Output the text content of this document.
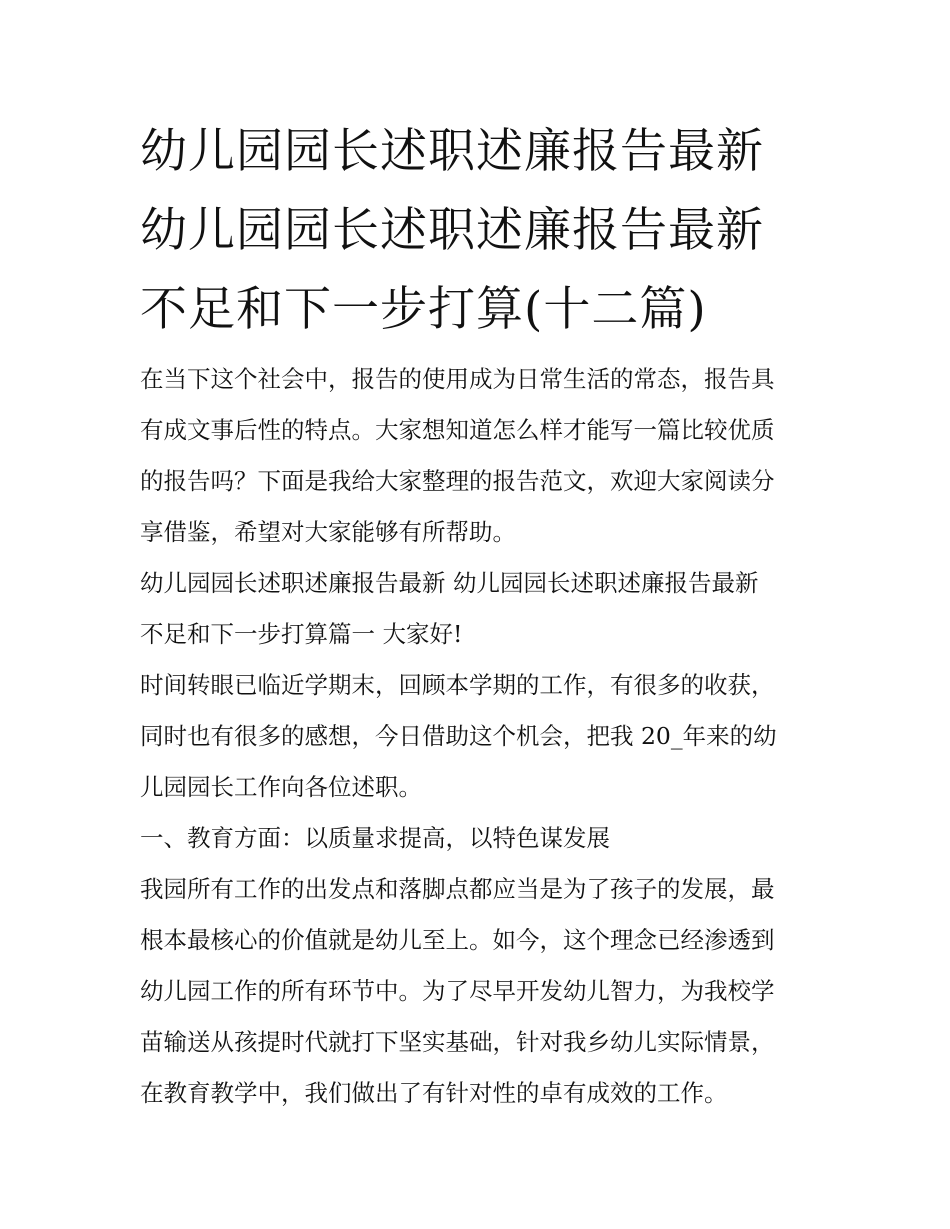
幼儿园园长述职述廉报告最新
幼儿园园长述职述廉报告最新
不足和下一步打算(十二篇)
在当下这个社会中，报告的使用成为日常生活的常态，报告具
有成文事后性的特点。大家想知道怎么样才能写一篇比较优质
的报告吗？下面是我给大家整理的报告范文，欢迎大家阅读分
享借鉴，希望对大家能够有所帮助。
幼儿园园长述职述廉报告最新 幼儿园园长述职述廉报告最新
不足和下一步打算篇一 大家好!
时间转眼已临近学期末，回顾本学期的工作，有很多的收获，
同时也有很多的感想，今日借助这个机会，把我 20_年来的幼
儿园园长工作向各位述职。
一、教育方面：以质量求提高，以特色谋发展
我园所有工作的出发点和落脚点都应当是为了孩子的发展，最
根本最核心的价值就是幼儿至上。如今，这个理念已经渗透到
幼儿园工作的所有环节中。为了尽早开发幼儿智力，为我校学
苗输送从孩提时代就打下坚实基础，针对我乡幼儿实际情景，
在教育教学中，我们做出了有针对性的卓有成效的工作。
